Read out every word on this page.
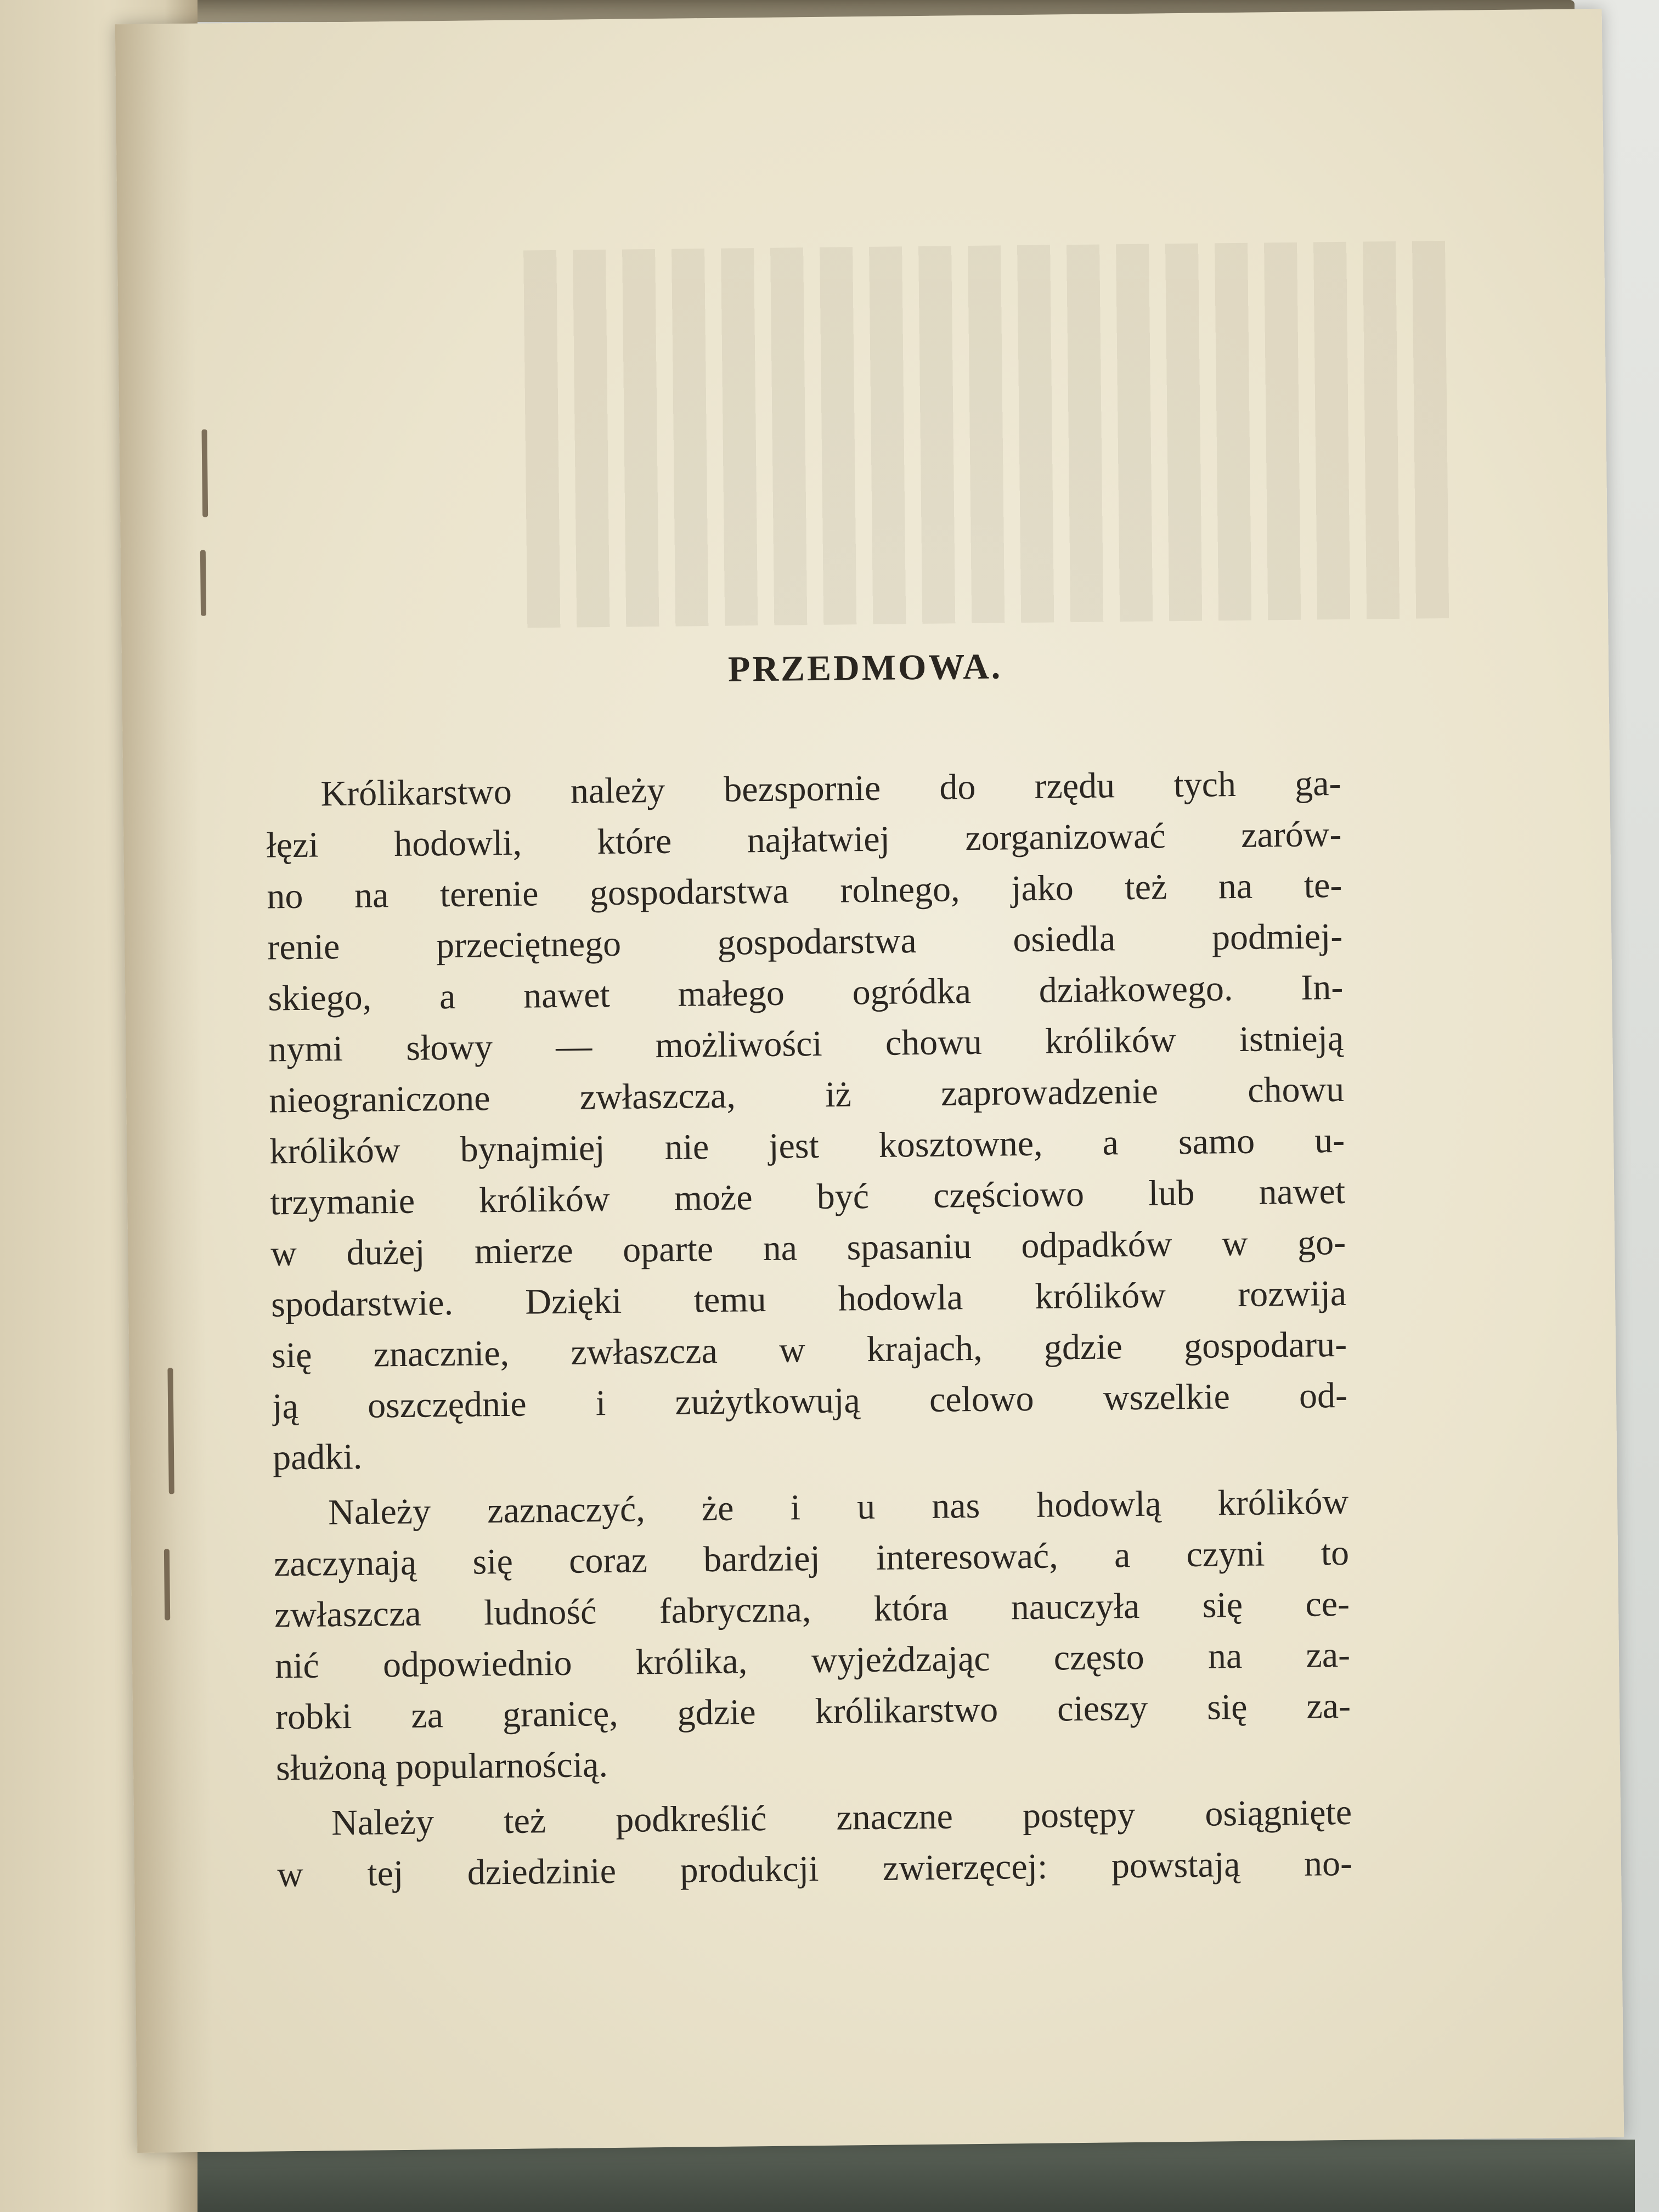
PRZEDMOWA.
Królikarstwo należy bezspornie do rzędu tych ga-
łęzi hodowli, które najłatwiej zorganizować zarów-
no na terenie gospodarstwa rolnego, jako też na te-
renie przeciętnego gospodarstwa osiedla podmiej-
skiego, a nawet małego ogródka działkowego. In-
nymi słowy — możliwości chowu królików istnieją
nieograniczone zwłaszcza, iż zaprowadzenie chowu
królików bynajmiej nie jest kosztowne, a samo u-
trzymanie królików może być częściowo lub nawet
w dużej mierze oparte na spasaniu odpadków w go-
spodarstwie. Dzięki temu hodowla królików rozwija
się znacznie, zwłaszcza w krajach, gdzie gospodaru-
ją oszczędnie i zużytkowują celowo wszelkie od-
padki.
Należy zaznaczyć, że i u nas hodowlą królików
zaczynają się coraz bardziej interesować, a czyni to
zwłaszcza ludność fabryczna, która nauczyła się ce-
nić odpowiednio królika, wyjeżdzając często na za-
robki za granicę, gdzie królikarstwo cieszy się za-
służoną popularnością.
Należy też podkreślić znaczne postępy osiągnięte
w tej dziedzinie produkcji zwierzęcej: powstają no-
